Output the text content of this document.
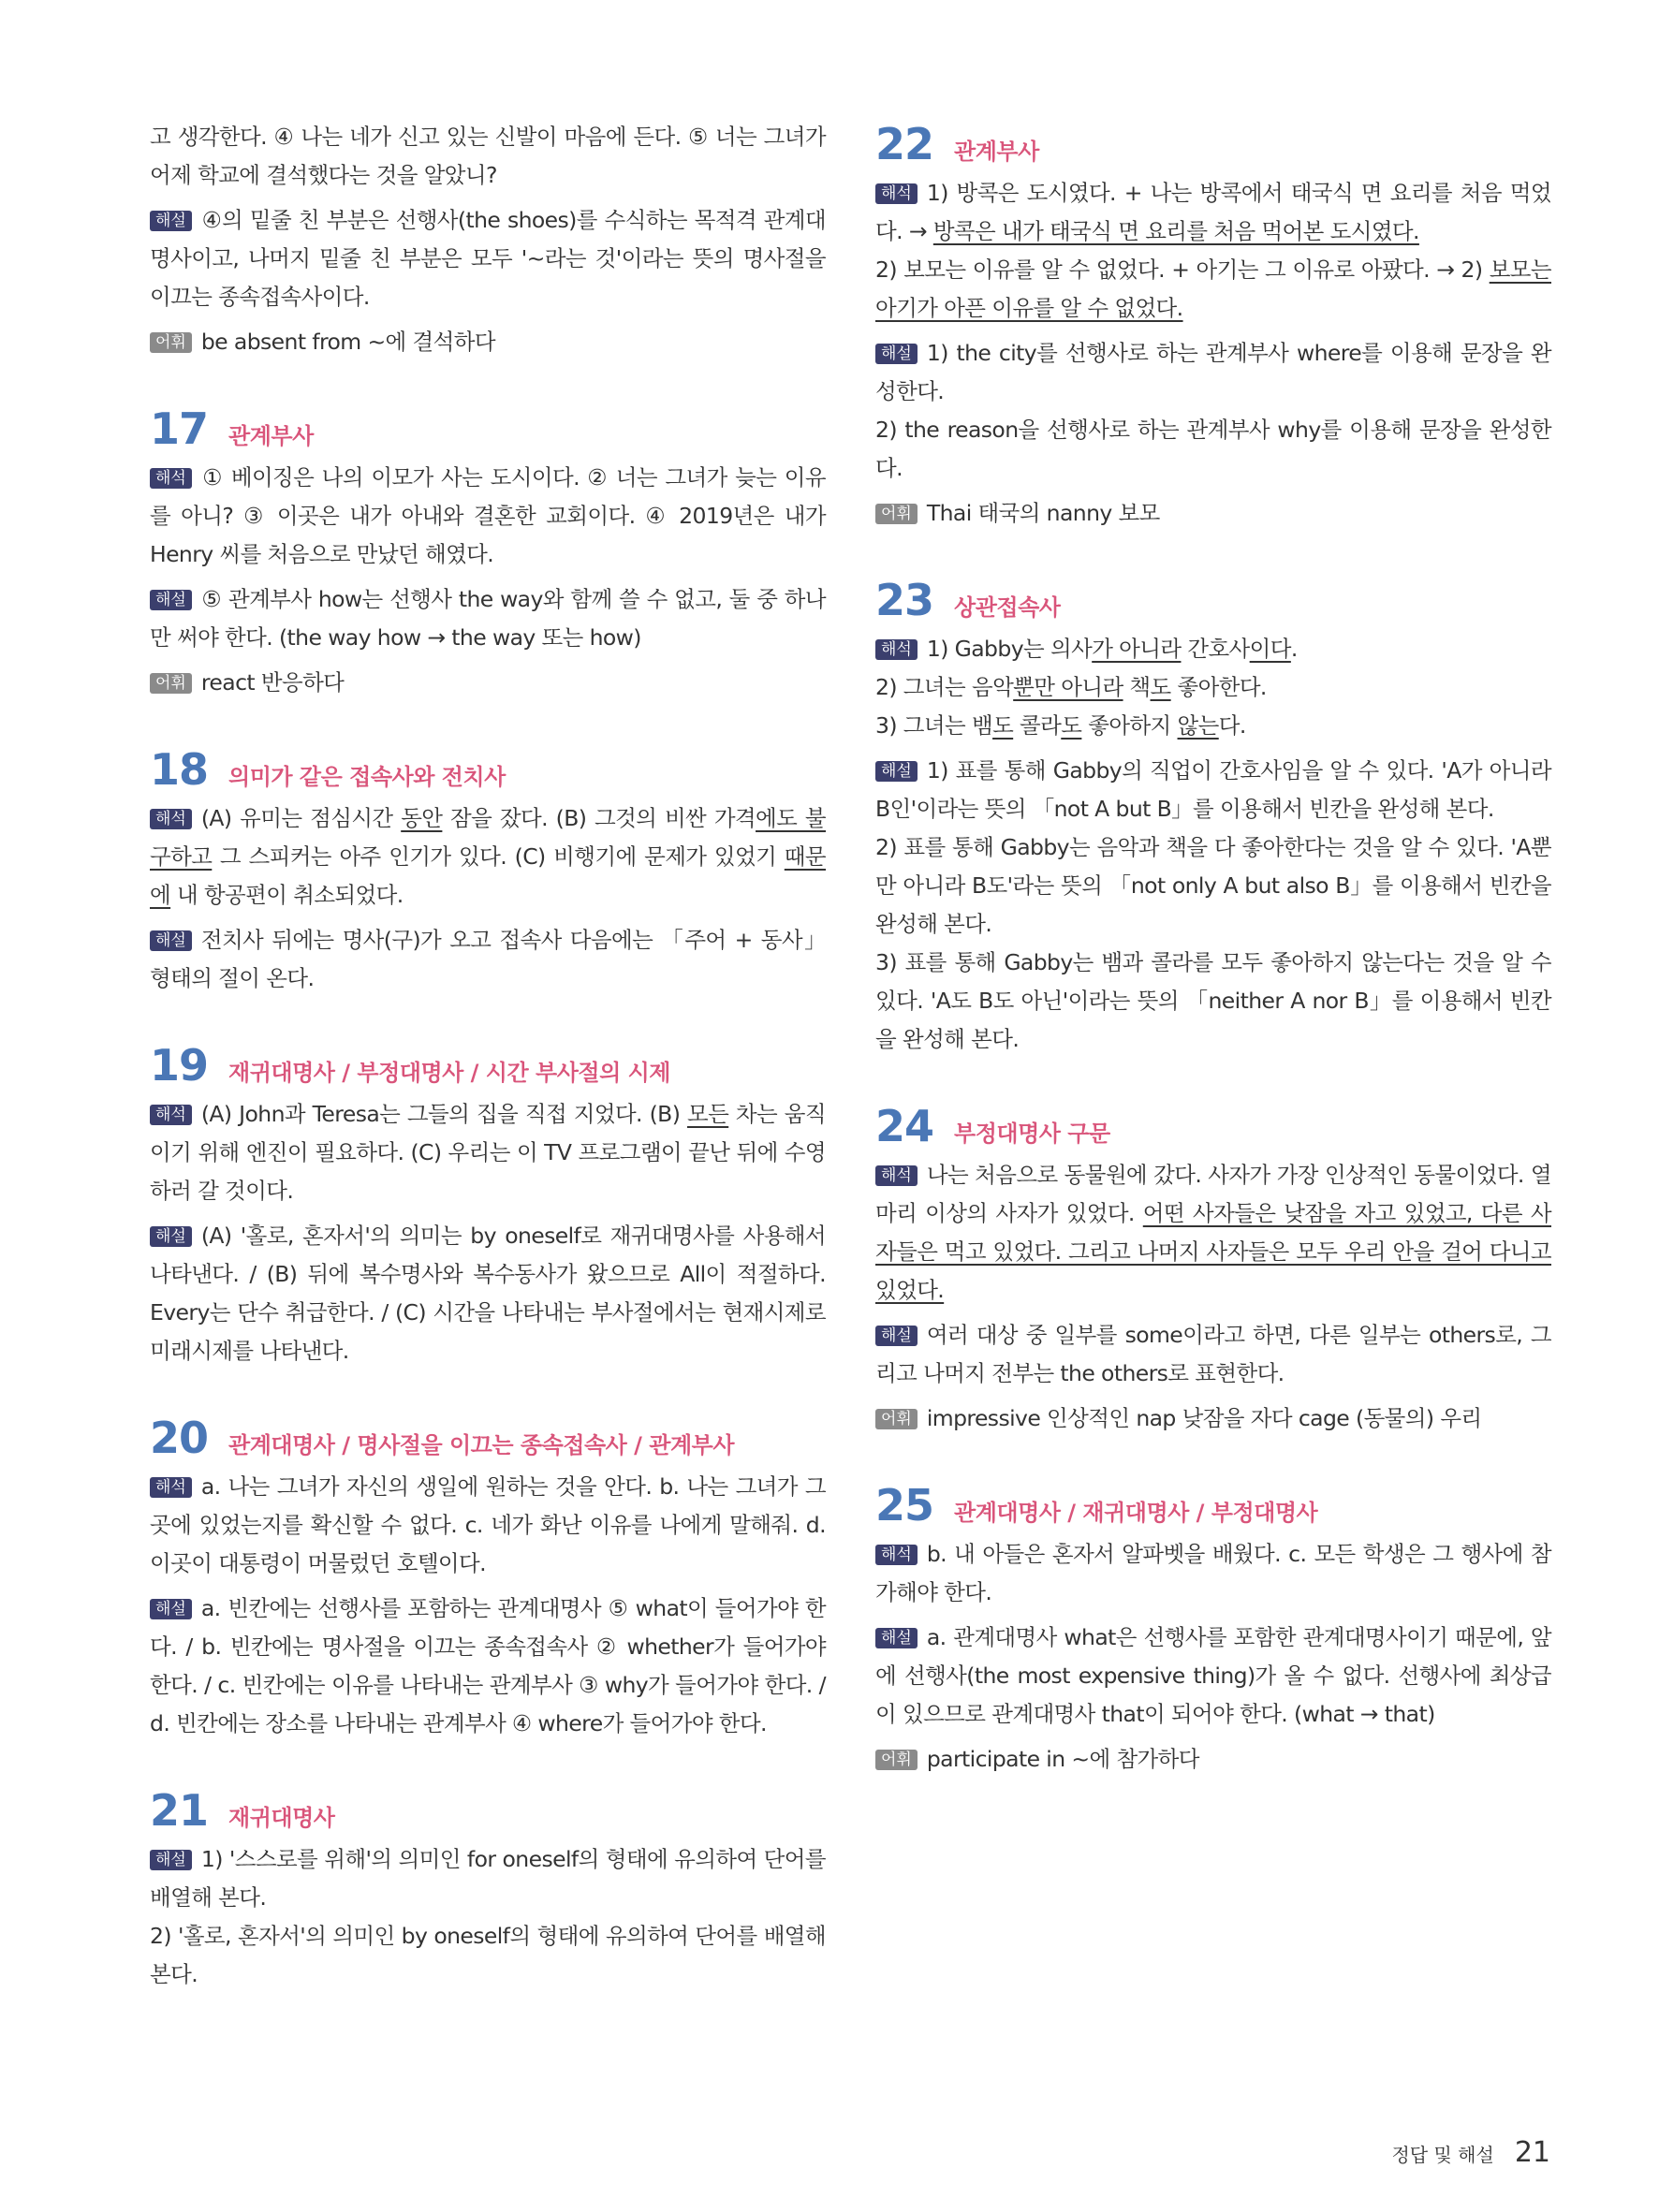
고 생각한다. ④ 나는 네가 신고 있는 신발이 마음에 든다. ⑤ 너는 그녀가 어제 학교에 결석했다는 것을 알았니?

해설 ④의 밑줄 친 부분은 선행사(the shoes)를 수식하는 목적격 관계대명사이고, 나머지 밑줄 친 부분은 모두 '~라는 것'이라는 뜻의 명사절을 이끄는 종속접속사이다.

어휘 be absent from ~에 결석하다

17 관계부사

해석 ① 베이징은 나의 이모가 사는 도시이다. ② 너는 그녀가 늦는 이유를 아니? ③ 이곳은 내가 아내와 결혼한 교회이다. ④ 2019년은 내가 Henry 씨를 처음으로 만났던 해였다.

해설 ⑤ 관계부사 how는 선행사 the way와 함께 쓸 수 없고, 둘 중 하나만 써야 한다. (the way how → the way 또는 how)

어휘 react 반응하다

18 의미가 같은 접속사와 전치사

해석 (A) 유미는 점심시간 동안 잠을 잤다. (B) 그것의 비싼 가격에도 불구하고 그 스피커는 아주 인기가 있다. (C) 비행기에 문제가 있었기 때문에 내 항공편이 취소되었다.

해설 전치사 뒤에는 명사(구)가 오고 접속사 다음에는 「주어 + 동사」 형태의 절이 온다.

19 재귀대명사 / 부정대명사 / 시간 부사절의 시제

해석 (A) John과 Teresa는 그들의 집을 직접 지었다. (B) 모든 차는 움직이기 위해 엔진이 필요하다. (C) 우리는 이 TV 프로그램이 끝난 뒤에 수영하러 갈 것이다.

해설 (A) '홀로, 혼자서'의 의미는 by oneself로 재귀대명사를 사용해서 나타낸다. / (B) 뒤에 복수명사와 복수동사가 왔으므로 All이 적절하다. Every는 단수 취급한다. / (C) 시간을 나타내는 부사절에서는 현재시제로 미래시제를 나타낸다.

20 관계대명사 / 명사절을 이끄는 종속접속사 / 관계부사

해석 a. 나는 그녀가 자신의 생일에 원하는 것을 안다. b. 나는 그녀가 그곳에 있었는지를 확신할 수 없다. c. 네가 화난 이유를 나에게 말해줘. d. 이곳이 대통령이 머물렀던 호텔이다.

해설 a. 빈칸에는 선행사를 포함하는 관계대명사 ⑤ what이 들어가야 한다. / b. 빈칸에는 명사절을 이끄는 종속접속사 ② whether가 들어가야 한다. / c. 빈칸에는 이유를 나타내는 관계부사 ③ why가 들어가야 한다. / d. 빈칸에는 장소를 나타내는 관계부사 ④ where가 들어가야 한다.

21 재귀대명사

해설 1) '스스로를 위해'의 의미인 for oneself의 형태에 유의하여 단어를 배열해 본다.

2) '홀로, 혼자서'의 의미인 by oneself의 형태에 유의하여 단어를 배열해 본다.

22 관계부사

해석 1) 방콕은 도시였다. + 나는 방콕에서 태국식 면 요리를 처음 먹었다. → 방콕은 내가 태국식 면 요리를 처음 먹어본 도시였다.

2) 보모는 이유를 알 수 없었다. + 아기는 그 이유로 아팠다. → 2) 보모는 아기가 아픈 이유를 알 수 없었다.

해설 1) the city를 선행사로 하는 관계부사 where를 이용해 문장을 완성한다.

2) the reason을 선행사로 하는 관계부사 why를 이용해 문장을 완성한다.

어휘 Thai 태국의 nanny 보모

23 상관접속사

해석 1) Gabby는 의사가 아니라 간호사이다.

2) 그녀는 음악뿐만 아니라 책도 좋아한다.

3) 그녀는 뱀도 콜라도 좋아하지 않는다.

해설 1) 표를 통해 Gabby의 직업이 간호사임을 알 수 있다. 'A가 아니라 B인'이라는 뜻의 「not A but B」를 이용해서 빈칸을 완성해 본다.

2) 표를 통해 Gabby는 음악과 책을 다 좋아한다는 것을 알 수 있다. 'A뿐만 아니라 B도'라는 뜻의 「not only A but also B」를 이용해서 빈칸을 완성해 본다.

3) 표를 통해 Gabby는 뱀과 콜라를 모두 좋아하지 않는다는 것을 알 수 있다. 'A도 B도 아닌'이라는 뜻의 「neither A nor B」를 이용해서 빈칸을 완성해 본다.

24 부정대명사 구문

해석 나는 처음으로 동물원에 갔다. 사자가 가장 인상적인 동물이었다. 열 마리 이상의 사자가 있었다. 어떤 사자들은 낮잠을 자고 있었고, 다른 사자들은 먹고 있었다. 그리고 나머지 사자들은 모두 우리 안을 걸어 다니고 있었다.

해설 여러 대상 중 일부를 some이라고 하면, 다른 일부는 others로, 그리고 나머지 전부는 the others로 표현한다.

어휘 impressive 인상적인 nap 낮잠을 자다 cage (동물의) 우리

25 관계대명사 / 재귀대명사 / 부정대명사

해석 b. 내 아들은 혼자서 알파벳을 배웠다. c. 모든 학생은 그 행사에 참가해야 한다.

해설 a. 관계대명사 what은 선행사를 포함한 관계대명사이기 때문에, 앞에 선행사(the most expensive thing)가 올 수 없다. 선행사에 최상급이 있으므로 관계대명사 that이 되어야 한다. (what → that)

어휘 participate in ~에 참가하다

정답 및 해설 21
